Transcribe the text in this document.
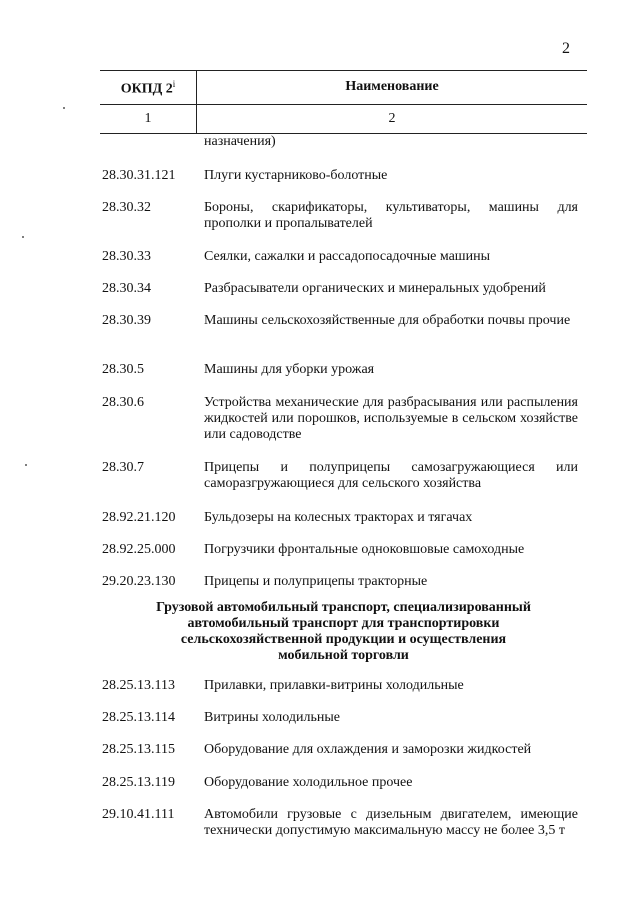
2
ОКПД 2$^i$	Наименование
1	2
назначения)
28.30.31.121	Плуги кустарниково-болотные
28.30.32	Бороны, скарификаторы, культиваторы, машины для прополки и пропалывателей
28.30.33	Сеялки, сажалки и рассадопосадочные машины
28.30.34	Разбрасыватели органических и минеральных удобрений
28.30.39	Машины сельскохозяйственные для обработки почвы прочие
28.30.5	Машины для уборки урожая
28.30.6	Устройства механические для разбрасывания или распыления жидкостей или порошков, используемые в сельском хозяйстве или садоводстве
28.30.7	Прицепы и полуприцепы самозагружающиеся или саморазгружающиеся для сельского хозяйства
28.92.21.120	Бульдозеры на колесных тракторах и тягачах
28.92.25.000	Погрузчики фронтальные одноковшовые самоходные
29.20.23.130	Прицепы и полуприцепы тракторные
Грузовой автомобильный транспорт, специализированный
автомобильный транспорт для транспортировки
сельскохозяйственной продукции и осуществления
мобильной торговли
28.25.13.113	Прилавки, прилавки-витрины холодильные
28.25.13.114	Витрины холодильные
28.25.13.115	Оборудование для охлаждения и заморозки жидкостей
28.25.13.119	Оборудование холодильное прочее
29.10.41.111	Автомобили грузовые с дизельным двигателем, имеющие технически допустимую максимальную массу не более 3,5 т
